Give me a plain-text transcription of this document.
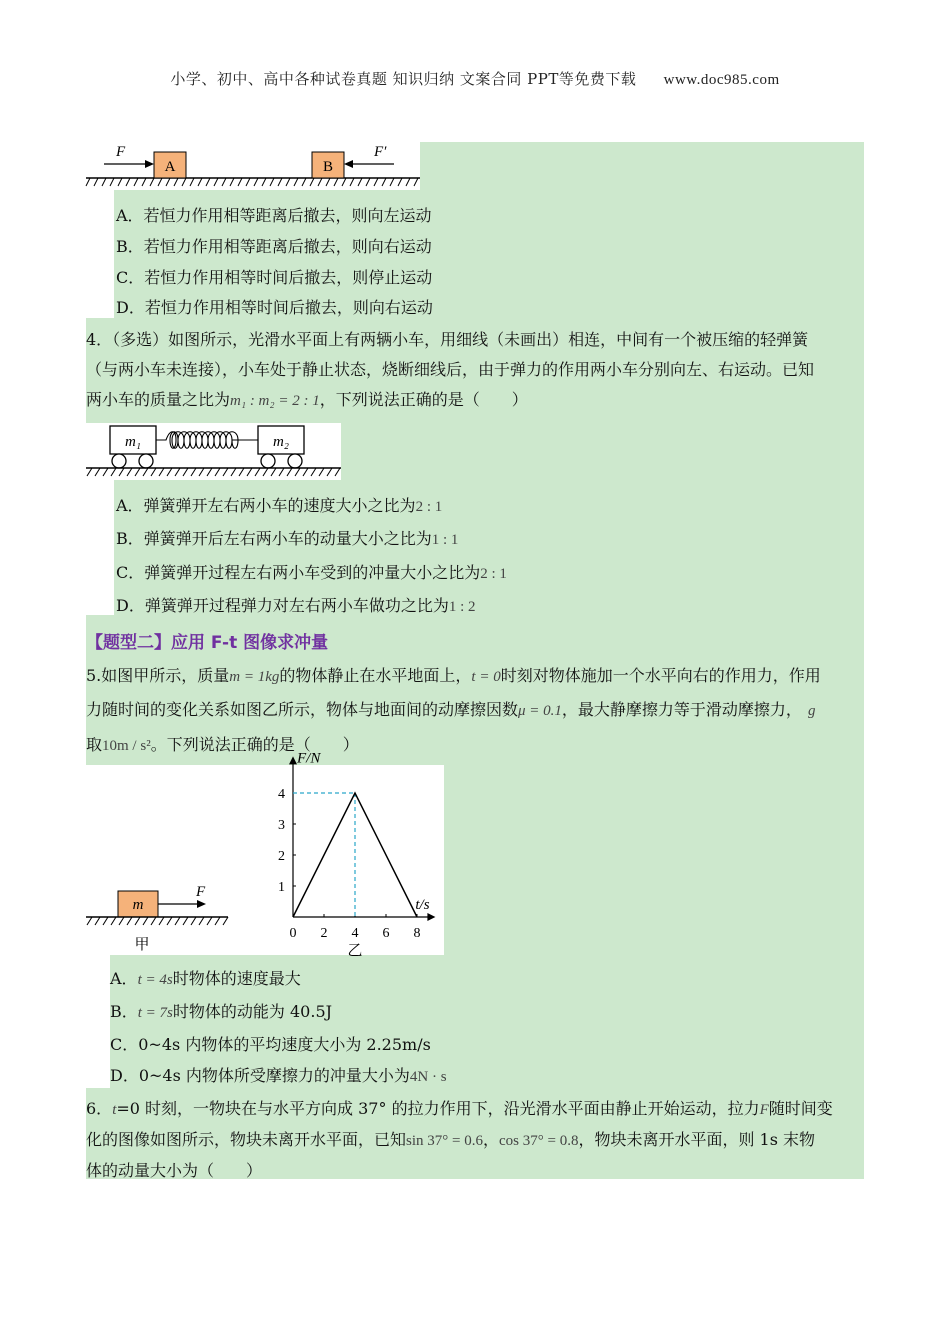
小学、初中、高中各种试卷真题 知识归纳 文案合同 PPT等免费下载 www.doc985.com
A	B
F	F′
A．若恒力作用相等距离后撤去，则向左运动
B．若恒力作用相等距离后撤去，则向右运动
C．若恒力作用相等时间后撤去，则停止运动
D．若恒力作用相等时间后撤去，则向右运动
4．（多选）如图所示，光滑水平面上有两辆小车，用细线（未画出）相连，中间有一个被压缩的轻弹簧
（与两小车未连接），小车处于静止状态，烧断细线后，由于弹力的作用两小车分别向左、右运动。已知
两小车的质量之比为m₁ : m₂ = 2 : 1，下列说法正确的是（　　）
m₁	m₂
A．弹簧弹开左右两小车的速度大小之比为2 : 1
B．弹簧弹开后左右两小车的动量大小之比为1 : 1
C．弹簧弹开过程左右两小车受到的冲量大小之比为2 : 1
D．弹簧弹开过程弹力对左右两小车做功之比为1 : 2
【题型二】应用 F-t 图像求冲量
5.如图甲所示，质量m = 1kg的物体静止在水平地面上，t = 0时刻对物体施加一个水平向右的作用力，作用
力随时间的变化关系如图乙所示，物体与地面间的动摩擦因数μ = 0.1，最大静摩擦力等于滑动摩擦力， g
取10m / s²。下列说法正确的是（　　）
m
F
甲
F/N
t/s
0 2 4 6 8
1
2
3
4
乙
A．t = 4s时物体的速度最大
B．t = 7s时物体的动能为 40.5J
C．0~4s 内物体的平均速度大小为 2.25m/s
D．0~4s 内物体所受摩擦力的冲量大小为4N · s
6．t=0 时刻，一物块在与水平方向成 37° 的拉力作用下，沿光滑水平面由静止开始运动，拉力F随时间变
化的图像如图所示，物块未离开水平面，已知sin 37° = 0.6，cos 37° = 0.8，物块未离开水平面，则 1s 末物
体的动量大小为（　　）
